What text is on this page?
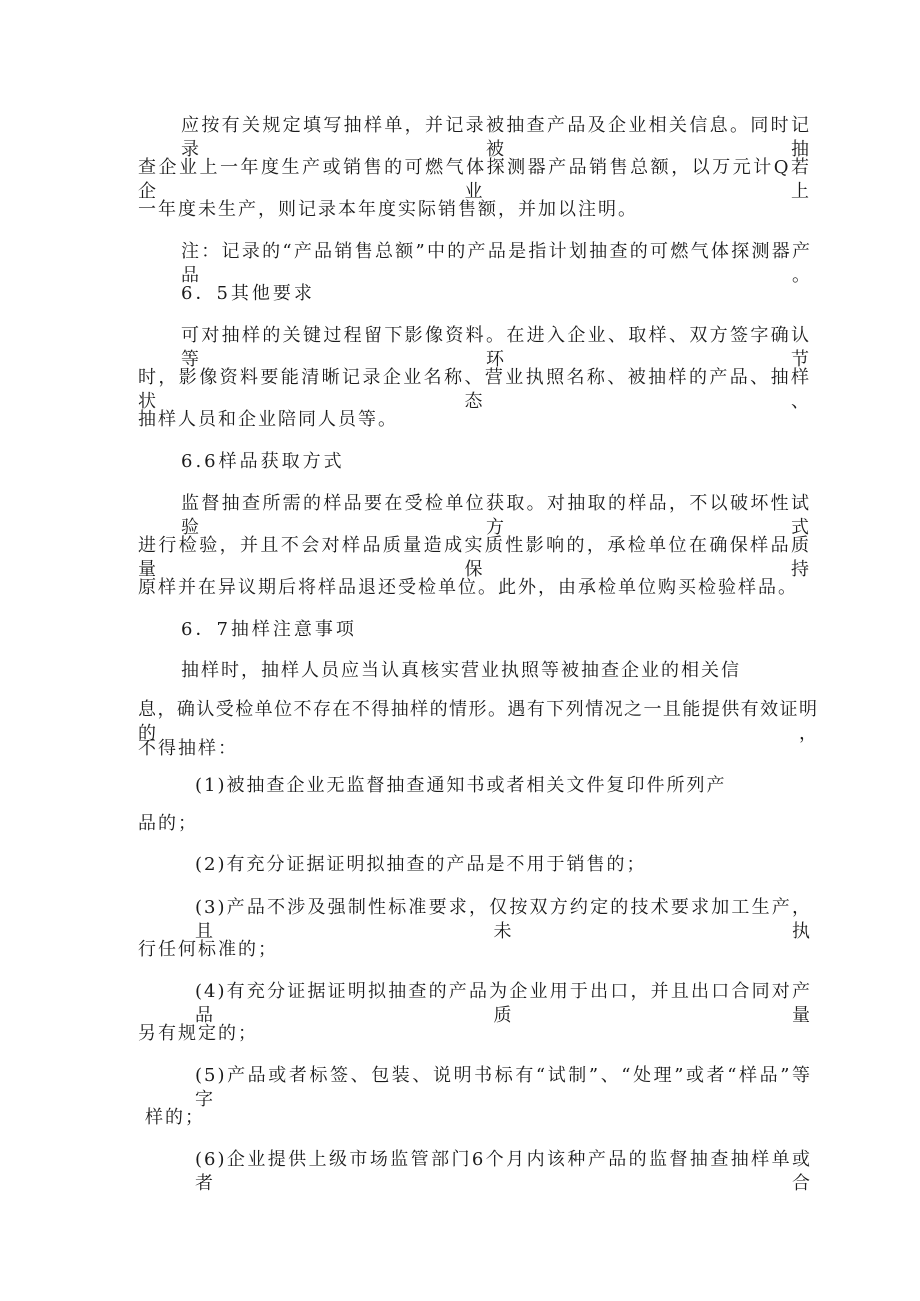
应按有关规定填写抽样单，并记录被抽查产品及企业相关信息。同时记录被抽
查企业上一年度生产或销售的可燃气体探测器产品销售总额，以万元计Q若企业上
一年度未生产，则记录本年度实际销售额，并加以注明。
注：记录的“产品销售总额”中的产品是指计划抽查的可燃气体探测器产品。
6．5其他要求
可对抽样的关键过程留下影像资料。在进入企业、取样、双方签字确认等环节
时，影像资料要能清晰记录企业名称、营业执照名称、被抽样的产品、抽样状态、
抽样人员和企业陪同人员等。
6.6样品获取方式
监督抽查所需的样品要在受检单位获取。对抽取的样品，不以破坏性试验方式
进行检验，并且不会对样品质量造成实质性影响的，承检单位在确保样品质量保持
原样并在异议期后将样品退还受检单位。此外，由承检单位购买检验样品。
6．7抽样注意事项
抽样时，抽样人员应当认真核实营业执照等被抽查企业的相关信
息，确认受检单位不存在不得抽样的情形。遇有下列情况之一且能提供有效证明的，
不得抽样：
(1)被抽查企业无监督抽查通知书或者相关文件复印件所列产
品的；
(2)有充分证据证明拟抽查的产品是不用于销售的；
(3)产品不涉及强制性标准要求，仅按双方约定的技术要求加工生产，且未执
行任何标准的；
(4)有充分证据证明拟抽查的产品为企业用于出口，并且出口合同对产品质量
另有规定的；
(5)产品或者标签、包装、说明书标有“试制”、“处理”或者“样品”等字
样的；
(6)企业提供上级市场监管部门6个月内该种产品的监督抽查抽样单或者合
